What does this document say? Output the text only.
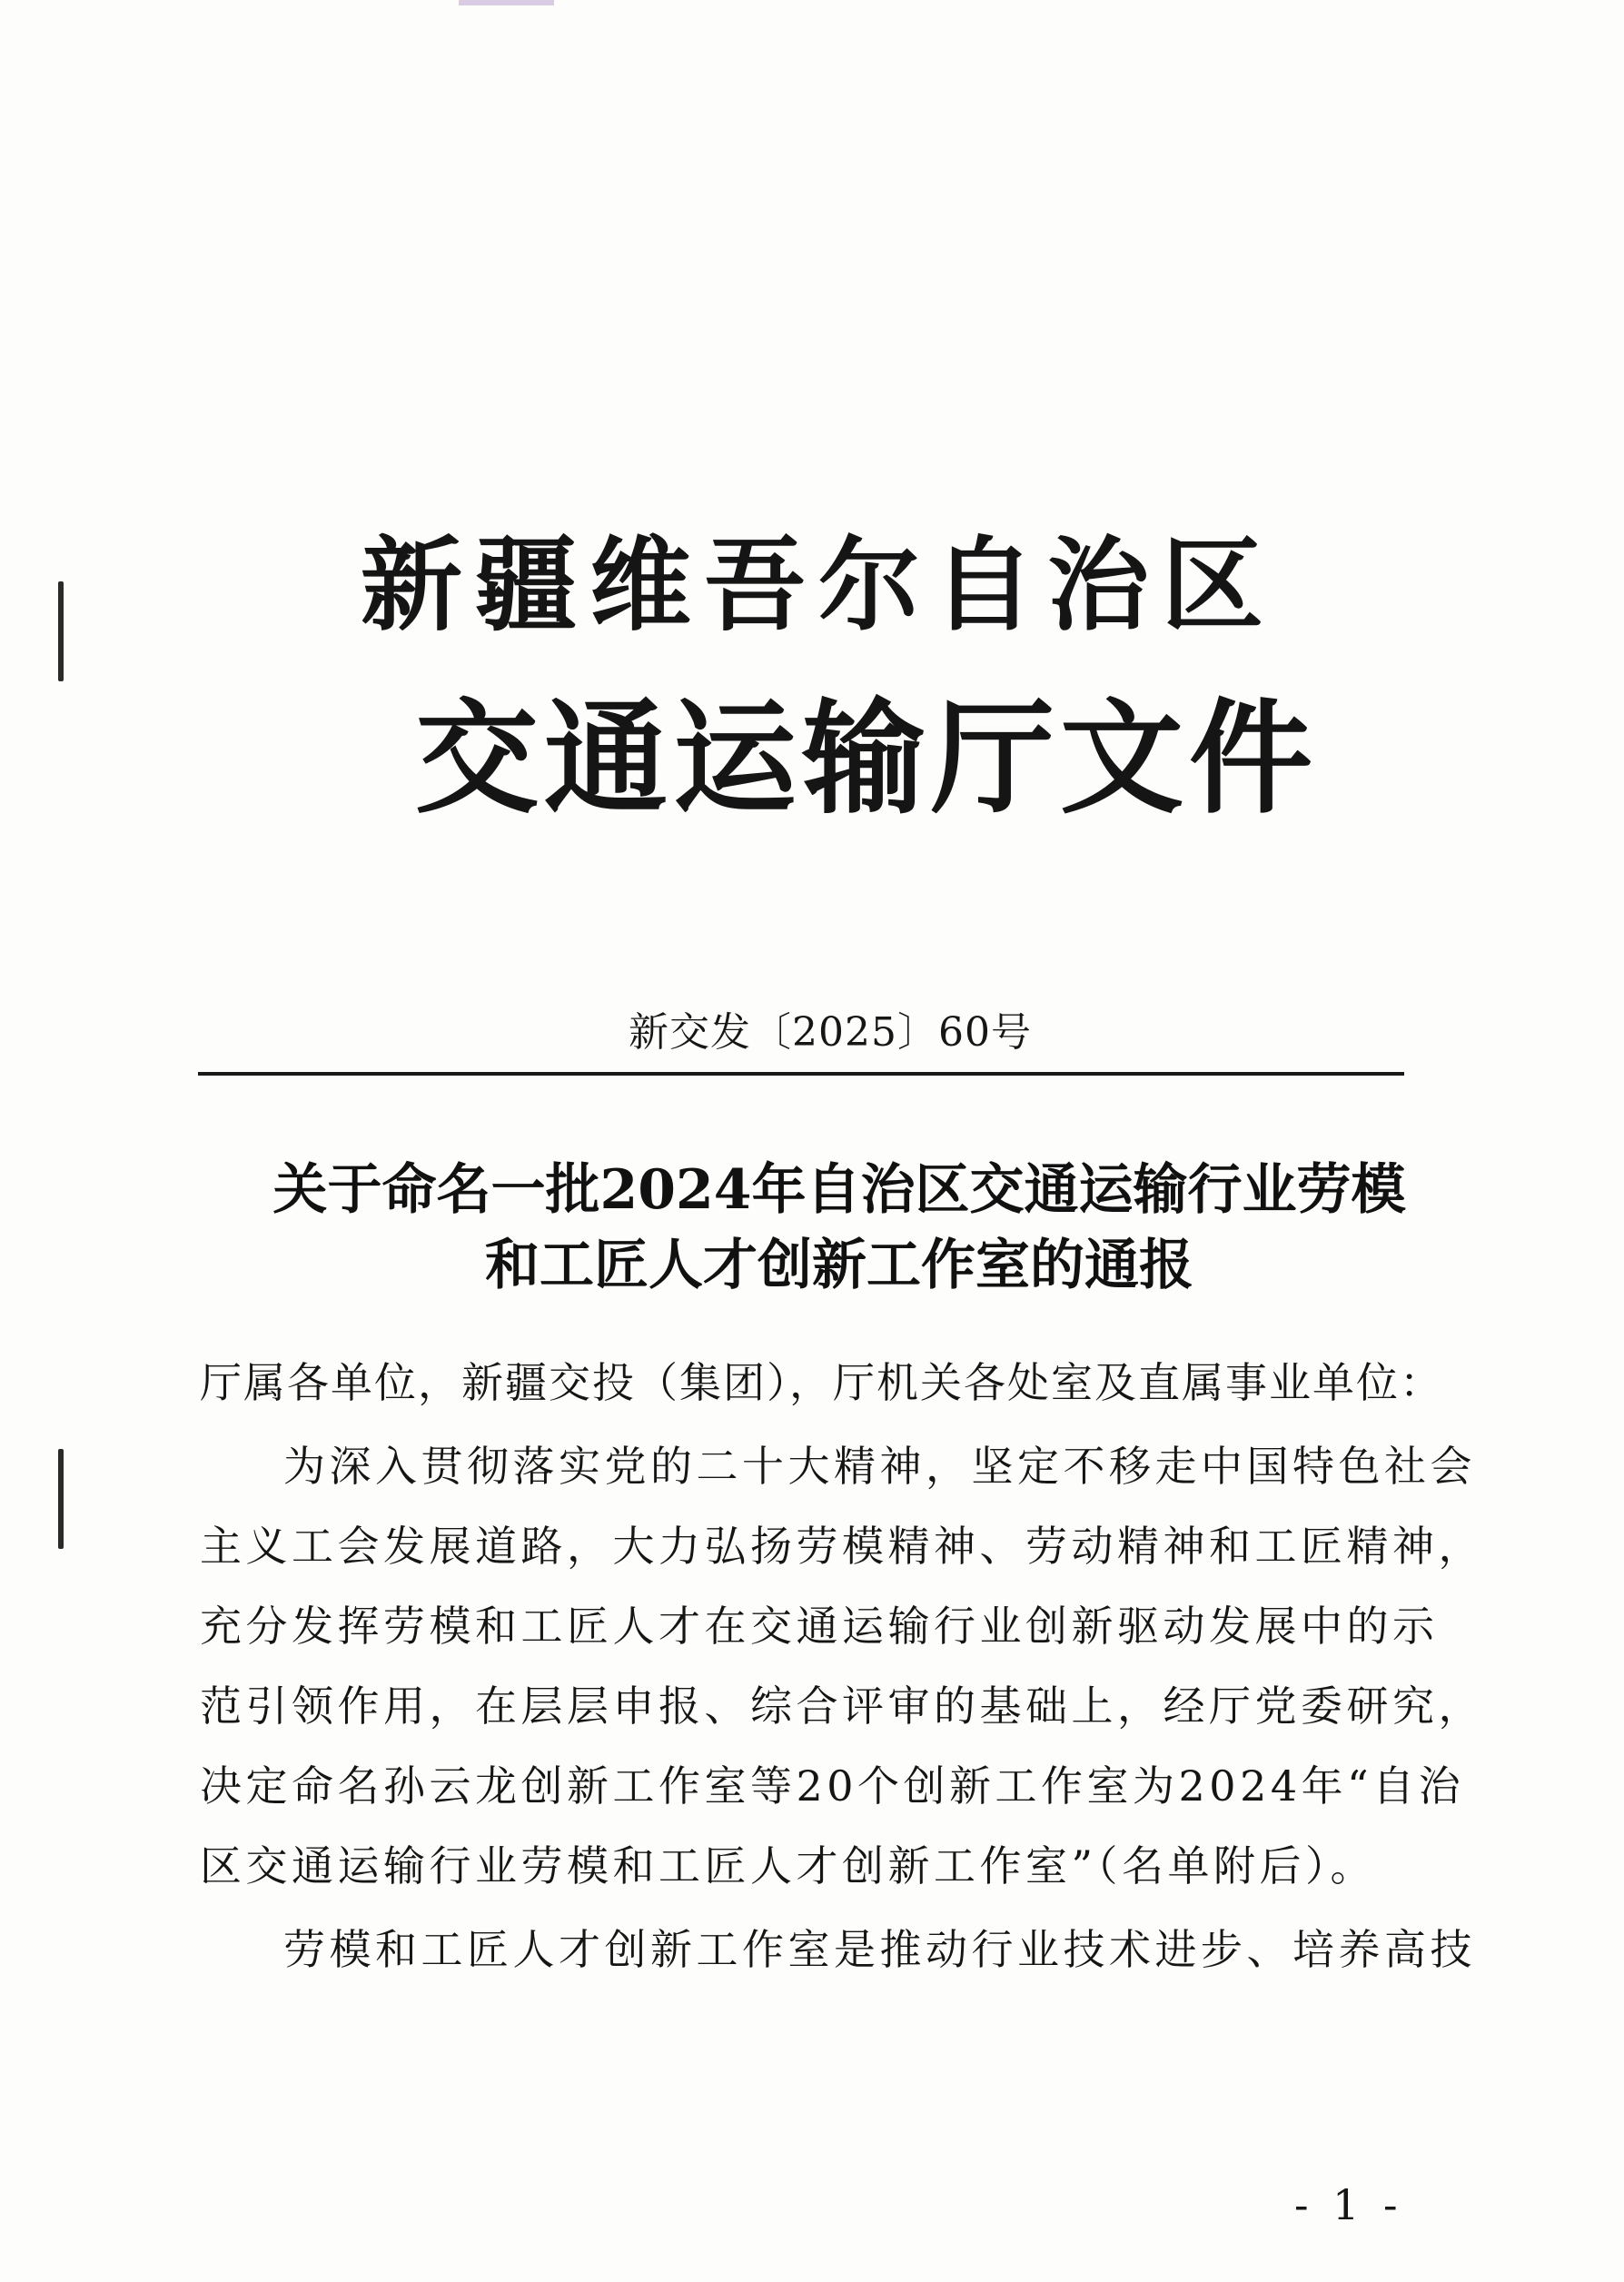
新疆维吾尔自治区
交通运输厅文件
新交发〔2025〕60号
关于命名一批2024年自治区交通运输行业劳模
和工匠人才创新工作室的通报
厅属各单位，新疆交投（集团），厅机关各处室及直属事业单位：
为深入贯彻落实党的二十大精神，坚定不移走中国特色社会
主义工会发展道路，大力弘扬劳模精神、劳动精神和工匠精神，
充分发挥劳模和工匠人才在交通运输行业创新驱动发展中的示
范引领作用，在层层申报、综合评审的基础上，经厅党委研究，
决定命名孙云龙创新工作室等20个创新工作室为2024年“自治
区交通运输行业劳模和工匠人才创新工作室”（名单附后）。
劳模和工匠人才创新工作室是推动行业技术进步、培养高技
- 1 -
